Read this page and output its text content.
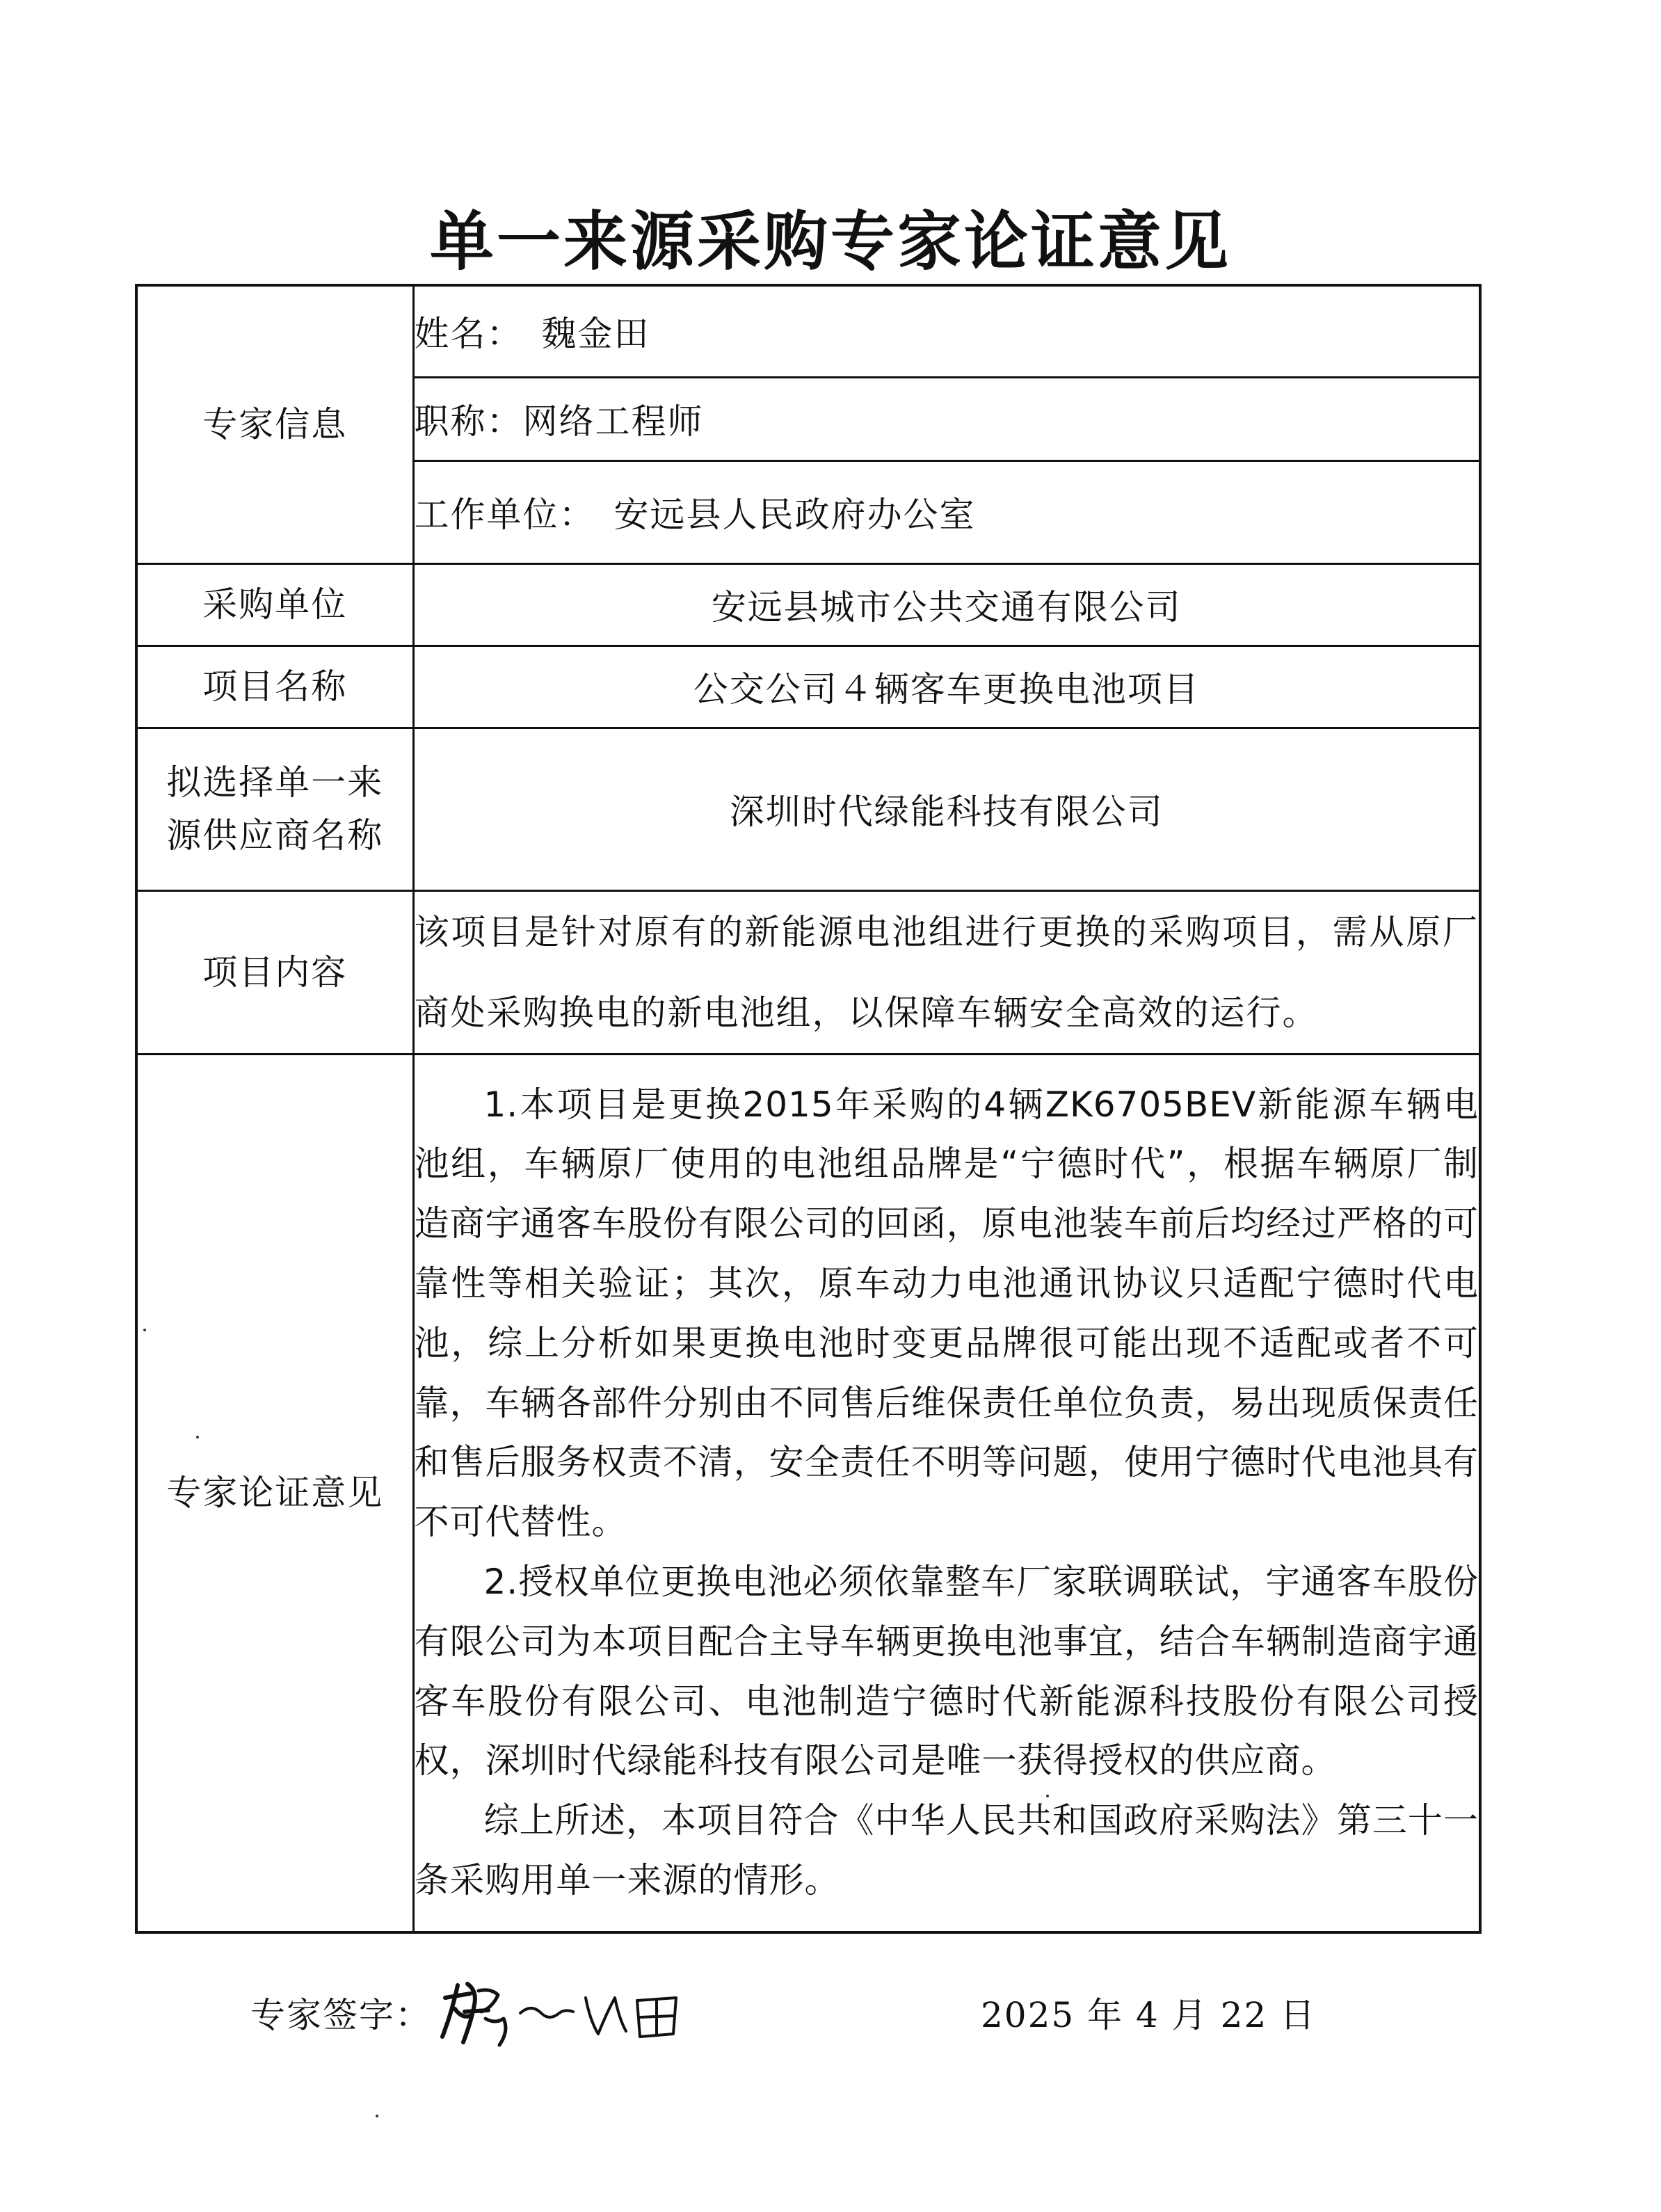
单一来源采购专家论证意见
专家信息	姓名：　魏金田
	职称：网络工程师
	工作单位：　安远县人民政府办公室
采购单位	安远县城市公共交通有限公司
项目名称	公交公司４辆客车更换电池项目

拟选择单一来
源供应商名称	深圳时代绿能科技有限公司
项目内容	该项目是针对原有的新能源电池组进行更换的采购项目，需从原厂商处采购换电的新电池组，以保障车辆安全高效的运行。
专家论证意见	1.本项目是更换2015年采购的4辆ZK6705BEV新能源车辆电池组，车辆原厂使用的电池组品牌是“宁德时代”，根据车辆原厂制造商宇通客车股份有限公司的回函，原电池装车前后均经过严格的可靠性等相关验证；其次，原车动力电池通讯协议只适配宁德时代电池，综上分析如果更换电池时变更品牌很可能出现不适配或者不可靠，车辆各部件分别由不同售后维保责任单位负责，易出现质保责任和售后服务权责不清，安全责任不明等问题，使用宁德时代电池具有不可代替性。

2.授权单位更换电池必须依靠整车厂家联调联试，宇通客车股份有限公司为本项目配合主导车辆更换电池事宜，结合车辆制造商宇通客车股份有限公司、电池制造宁德时代新能源科技股份有限公司授权，深圳时代绿能科技有限公司是唯一获得授权的供应商。

综上所述，本项目符合《中华人民共和国政府采购法》第三十一条采购用单一来源的情形。

专家签字：	2025 年 4 月 22 日
